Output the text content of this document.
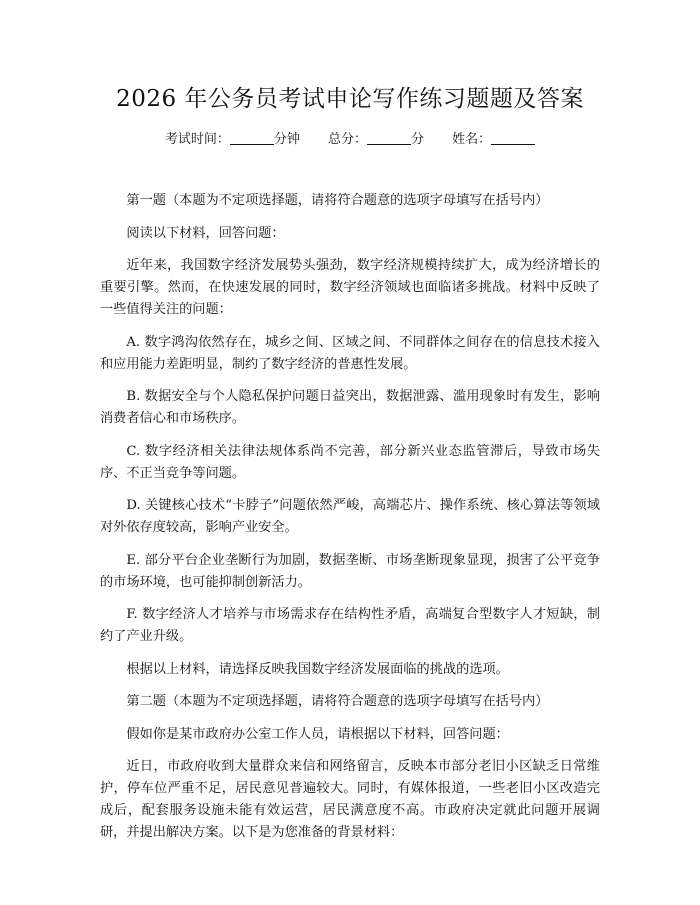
2026 年公务员考试申论写作练习题题及答案
考试时间：	分钟 总分：	分 姓名：

第一题（本题为不定项选择题，请将符合题意的选项字母填写在括号内）

阅读以下材料，回答问题：

近年来，我国数字经济发展势头强劲，数字经济规模持续扩大，成为经济增长的重要引擎。然而，在快速发展的同时，数字经济领域也面临诸多挑战。材料中反映了一些值得关注的问题：

A. 数字鸿沟依然存在，城乡之间、区域之间、不同群体之间存在的信息技术接入和应用能力差距明显，制约了数字经济的普惠性发展。

B. 数据安全与个人隐私保护问题日益突出，数据泄露、滥用现象时有发生，影响消费者信心和市场秩序。

C. 数字经济相关法律法规体系尚不完善，部分新兴业态监管滞后，导致市场失序、不正当竞争等问题。

D. 关键核心技术“卡脖子”问题依然严峻，高端芯片、操作系统、核心算法等领域对外依存度较高，影响产业安全。

E. 部分平台企业垄断行为加剧，数据垄断、市场垄断现象显现，损害了公平竞争的市场环境，也可能抑制创新活力。

F. 数字经济人才培养与市场需求存在结构性矛盾，高端复合型数字人才短缺，制约了产业升级。

根据以上材料，请选择反映我国数字经济发展面临的挑战的选项。

第二题（本题为不定项选择题，请将符合题意的选项字母填写在括号内）

假如你是某市政府办公室工作人员，请根据以下材料，回答问题：

近日，市政府收到大量群众来信和网络留言，反映本市部分老旧小区缺乏日常维护，停车位严重不足，居民意见普遍较大。同时，有媒体报道，一些老旧小区改造完成后，配套服务设施未能有效运营，居民满意度不高。市政府决定就此问题开展调研，并提出解决方案。以下是为您准备的背景材料：
